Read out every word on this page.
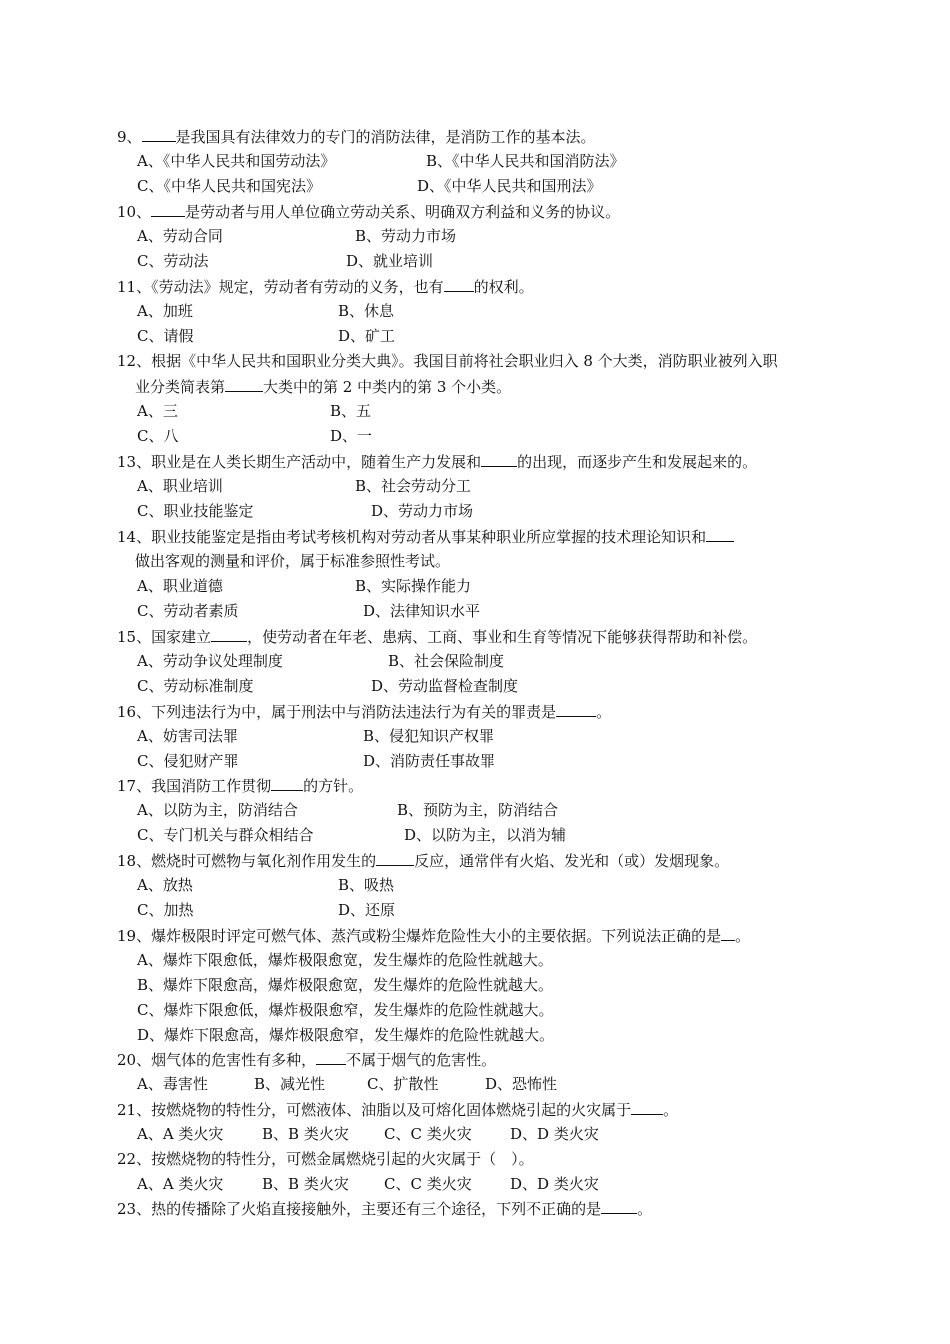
9、 是我国具有法律效力的专门的消防法律，是消防工作的基本法。
A、《中华人民共和国劳动法》	B、《中华人民共和国消防法》
C、《中华人民共和国宪法》	D、《中华人民共和国刑法》
10、 是劳动者与用人单位确立劳动关系、明确双方利益和义务的协议。
A、劳动合同	B、劳动力市场
C、劳动法	D、就业培训
11、《劳动法》规定，劳动者有劳动的义务，也有 的权利。
A、加班	B、休息
C、请假	D、矿工
12、根据《中华人民共和国职业分类大典》。我国目前将社会职业归入 8 个大类，消防职业被列入职
业分类简表第	大类中的第 2 中类内的第 3 个小类。
A、三	B、五
C、八	D、一
13、职业是在人类长期生产活动中，随着生产力发展和 的出现，而逐步产生和发展起来的。
A、职业培训	B、社会劳动分工
C、职业技能鉴定	D、劳动力市场
14、职业技能鉴定是指由考试考核机构对劳动者从事某种职业所应掌握的技术理论知识和
做出客观的测量和评价，属于标准参照性考试。
A、职业道德	B、实际操作能力
C、劳动者素质	D、法律知识水平
15、国家建立 ，使劳动者在年老、患病、工商、事业和生育等情况下能够获得帮助和补偿。
A、劳动争议处理制度	B、社会保险制度
C、劳动标准制度	D、劳动监督检查制度
16、下列违法行为中，属于刑法中与消防法违法行为有关的罪责是	。
A、妨害司法罪	B、侵犯知识产权罪
C、侵犯财产罪	D、消防责任事故罪
17、我国消防工作贯彻 的方针。
A、以防为主，防消结合	B、预防为主，防消结合
C、专门机关与群众相结合	D、以防为主，以消为辅
18、燃烧时可燃物与氧化剂作用发生的	反应，通常伴有火焰、发光和（或）发烟现象。
A、放热	B、吸热
C、加热	D、还原
19、爆炸极限时评定可燃气体、蒸汽或粉尘爆炸危险性大小的主要依据。下列说法正确的是 。
A、爆炸下限愈低，爆炸极限愈宽，发生爆炸的危险性就越大。
B、爆炸下限愈高，爆炸极限愈宽，发生爆炸的危险性就越大。
C、爆炸下限愈低，爆炸极限愈窄，发生爆炸的危险性就越大。
D、爆炸下限愈高，爆炸极限愈窄，发生爆炸的危险性就越大。
20、烟气体的危害性有多种， 不属于烟气的危害性。
A、毒害性	B、减光性	C、扩散性	D、恐怖性
21、按燃烧物的特性分，可燃液体、油脂以及可熔化固体燃烧引起的火灾属于 。
A、A 类火灾	B、B 类火灾 C、C 类火灾	D、D 类火灾
22、按燃烧物的特性分，可燃金属燃烧引起的火灾属于（　）。
A、A 类火灾	B、B 类火灾 C、C 类火灾	D、D 类火灾
23、热的传播除了火焰直接接触外，主要还有三个途径，下列不正确的是 。
